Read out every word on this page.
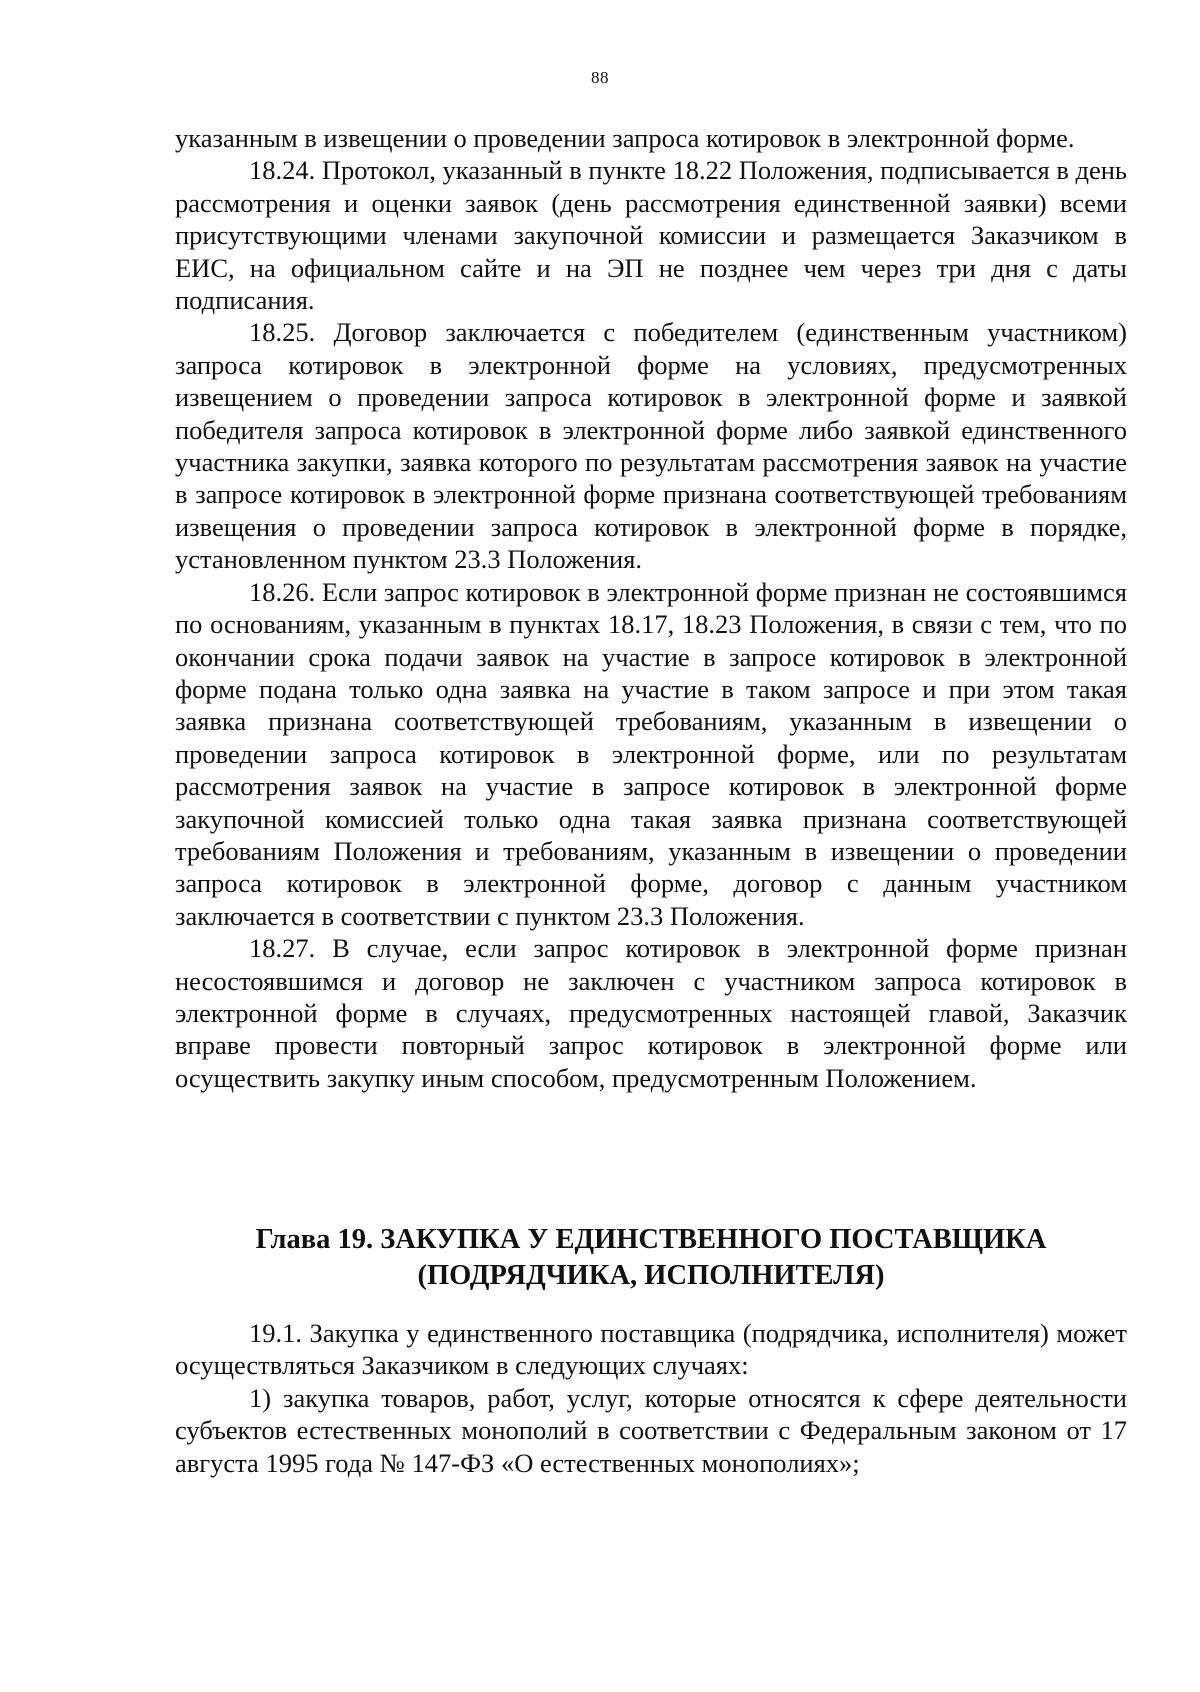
88

указанным в извещении о проведении запроса котировок в электронной форме.

18.24. Протокол, указанный в пункте 18.22 Положения, подписывается в день рассмотрения и оценки заявок (день рассмотрения единственной заявки) всеми присутствующими членами закупочной комиссии и размещается Заказчиком в ЕИС, на официальном сайте и на ЭП не позднее чем через три дня с даты подписания.

18.25. Договор заключается с победителем (единственным участником) запроса котировок в электронной форме на условиях, предусмотренных извещением о проведении запроса котировок в электронной форме и заявкой победителя запроса котировок в электронной форме либо заявкой единственного участника закупки, заявка которого по результатам рассмотрения заявок на участие в запросе котировок в электронной форме признана соответствующей требованиям извещения о проведении запроса котировок в электронной форме в порядке, установленном пунктом 23.3 Положения.

18.26. Если запрос котировок в электронной форме признан не состоявшимся по основаниям, указанным в пунктах 18.17, 18.23 Положения, в связи с тем, что по окончании срока подачи заявок на участие в запросе котировок в электронной форме подана только одна заявка на участие в таком запросе и при этом такая заявка признана соответствующей требованиям, указанным в извещении о проведении запроса котировок в электронной форме, или по результатам рассмотрения заявок на участие в запросе котировок в электронной форме закупочной комиссией только одна такая заявка признана соответствующей требованиям Положения и требованиям, указанным в извещении о проведении запроса котировок в электронной форме, договор с данным участником заключается в соответствии с пунктом 23.3 Положения.

18.27. В случае, если запрос котировок в электронной форме признан несостоявшимся и договор не заключен с участником запроса котировок в электронной форме в случаях, предусмотренных настоящей главой, Заказчик вправе провести повторный запрос котировок в электронной форме или осуществить закупку иным способом, предусмотренным Положением.

Глава 19. ЗАКУПКА У ЕДИНСТВЕННОГО ПОСТАВЩИКА
(ПОДРЯДЧИКА, ИСПОЛНИТЕЛЯ)

19.1. Закупка у единственного поставщика (подрядчика, исполнителя) может осуществляться Заказчиком в следующих случаях:

1) закупка товаров, работ, услуг, которые относятся к сфере деятельности субъектов естественных монополий в соответствии с Федеральным законом от 17 августа 1995 года № 147-ФЗ «О естественных монополиях»;
